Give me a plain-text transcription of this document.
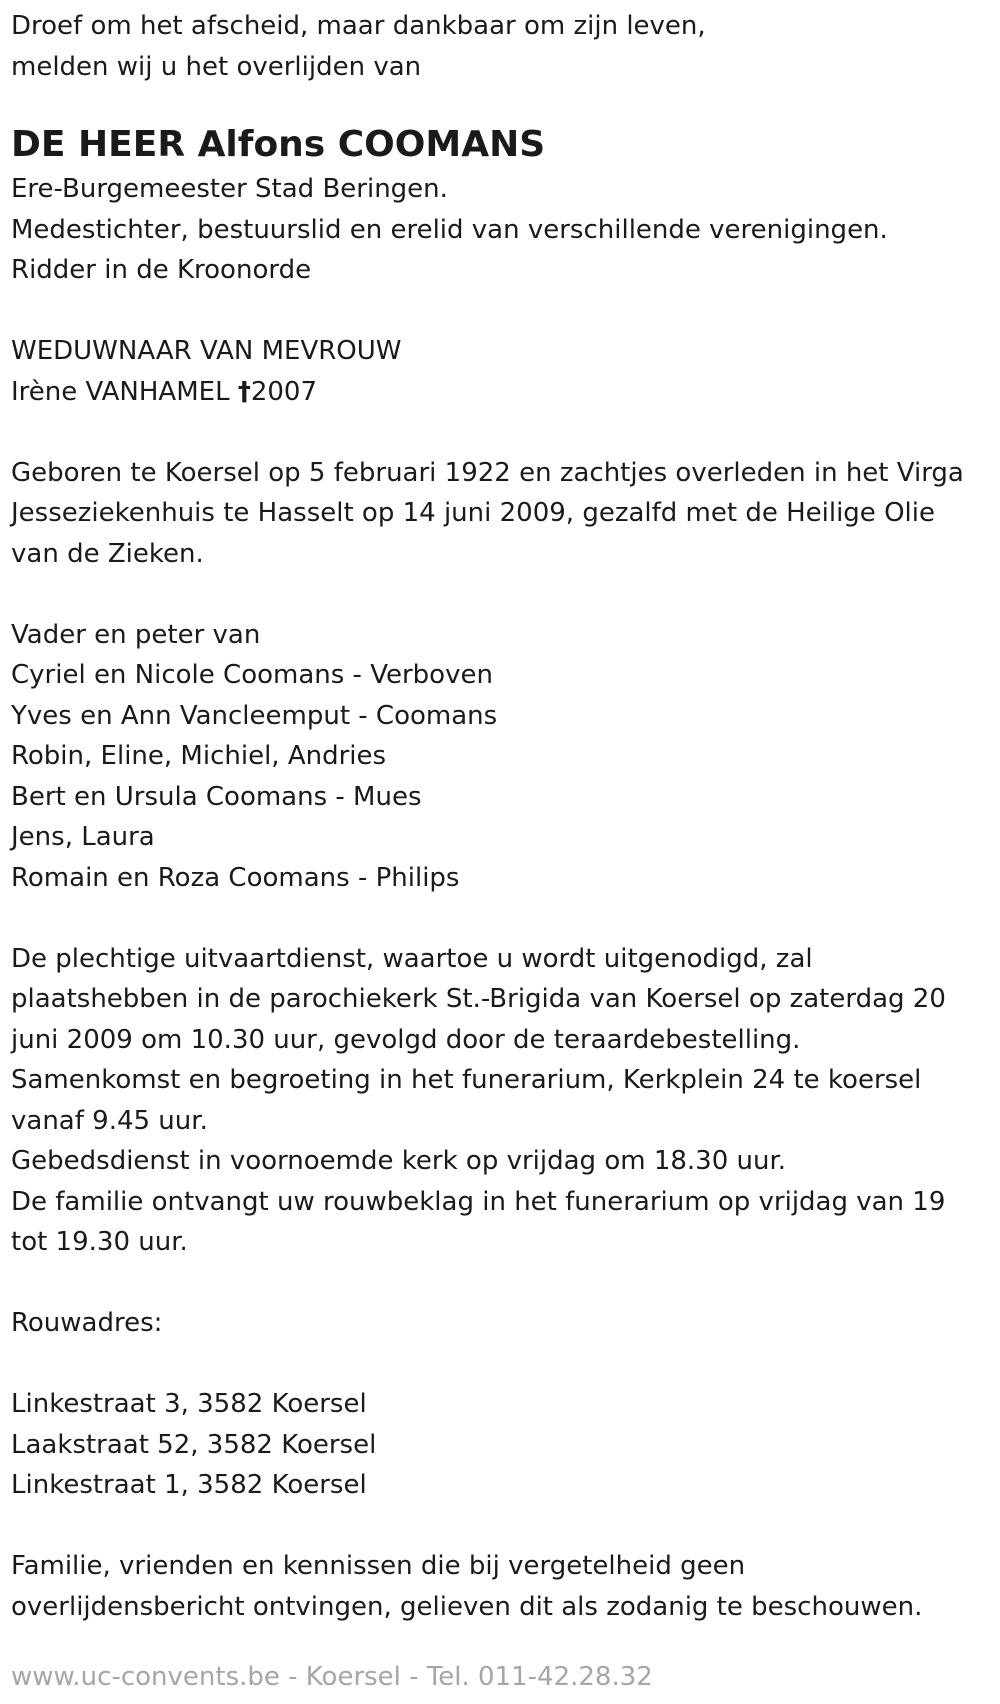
Droef om het afscheid, maar dankbaar om zijn leven,

melden wij u het overlijden van

DE HEER Alfons COOMANS

Ere-Burgemeester Stad Beringen.

Medestichter, bestuurslid en erelid van verschillende verenigingen.

Ridder in de Kroonorde

WEDUWNAAR VAN MEVROUW

Irène VANHAMEL †2007

Geboren te Koersel op 5 februari 1922 en zachtjes overleden in het Virga

Jesseziekenhuis te Hasselt op 14 juni 2009, gezalfd met de Heilige Olie

van de Zieken.

Vader en peter van

Cyriel en Nicole Coomans - Verboven

Yves en Ann Vancleemput - Coomans

Robin, Eline, Michiel, Andries

Bert en Ursula Coomans - Mues

Jens, Laura

Romain en Roza Coomans - Philips

De plechtige uitvaartdienst, waartoe u wordt uitgenodigd, zal

plaatshebben in de parochiekerk St.-Brigida van Koersel op zaterdag 20

juni 2009 om 10.30 uur, gevolgd door de teraardebestelling.

Samenkomst en begroeting in het funerarium, Kerkplein 24 te koersel

vanaf 9.45 uur.

Gebedsdienst in voornoemde kerk op vrijdag om 18.30 uur.

De familie ontvangt uw rouwbeklag in het funerarium op vrijdag van 19

tot 19.30 uur.

Rouwadres:

Linkestraat 3, 3582 Koersel

Laakstraat 52, 3582 Koersel

Linkestraat 1, 3582 Koersel

Familie, vrienden en kennissen die bij vergetelheid geen

overlijdensbericht ontvingen, gelieven dit als zodanig te beschouwen.

www.uc-convents.be - Koersel - Tel. 011-42.28.32
